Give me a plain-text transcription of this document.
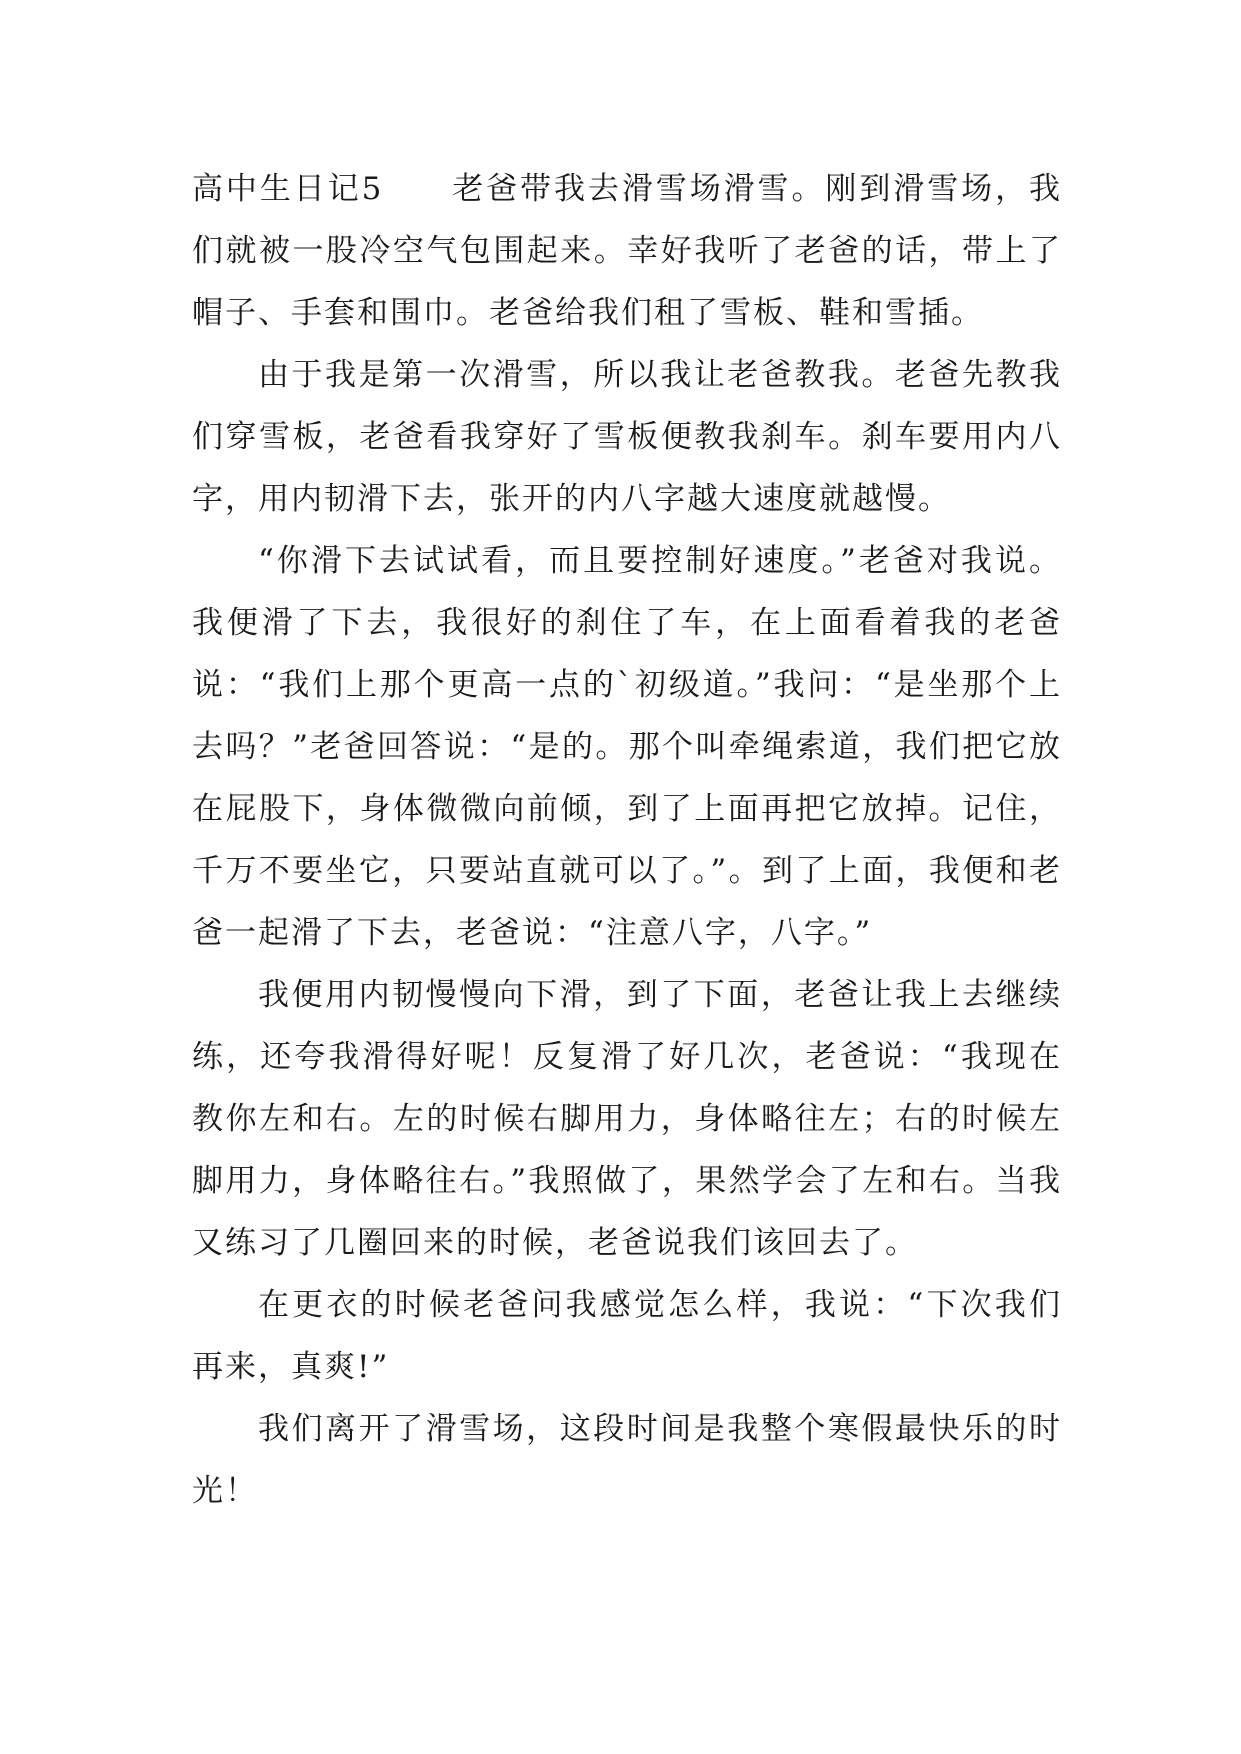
高中生日记5　　 老爸带我去滑雪场滑雪。刚到滑雪场，我们就被一股冷空气包围起来。幸好我听了老爸的话，带上了帽子、手套和围巾。老爸给我们租了雪板、鞋和雪插。

由于我是第一次滑雪，所以我让老爸教我。老爸先教我们穿雪板，老爸看我穿好了雪板便教我刹车。刹车要用内八字，用内韧滑下去，张开的内八字越大速度就越慢。

“你滑下去试试看，而且要控制好速度。”老爸对我说。我便滑了下去，我很好的刹住了车，在上面看着我的老爸说：“我们上那个更高一点的`初级道。”我问：“是坐那个上去吗？”老爸回答说：“是的。那个叫牵绳索道，我们把它放在屁股下，身体微微向前倾，到了上面再把它放掉。记住，千万不要坐它，只要站直就可以了。”。到了上面，我便和老爸一起滑了下去，老爸说：“注意八字，八字。”

我便用内韧慢慢向下滑，到了下面，老爸让我上去继续练，还夸我滑得好呢！反复滑了好几次，老爸说：“我现在教你左和右。左的时候右脚用力，身体略往左；右的时候左脚用力，身体略往右。”我照做了，果然学会了左和右。当我又练习了几圈回来的时候，老爸说我们该回去了。

在更衣的时候老爸问我感觉怎么样，我说：“下次我们再来，真爽!”

我们离开了滑雪场，这段时间是我整个寒假最快乐的时光！
